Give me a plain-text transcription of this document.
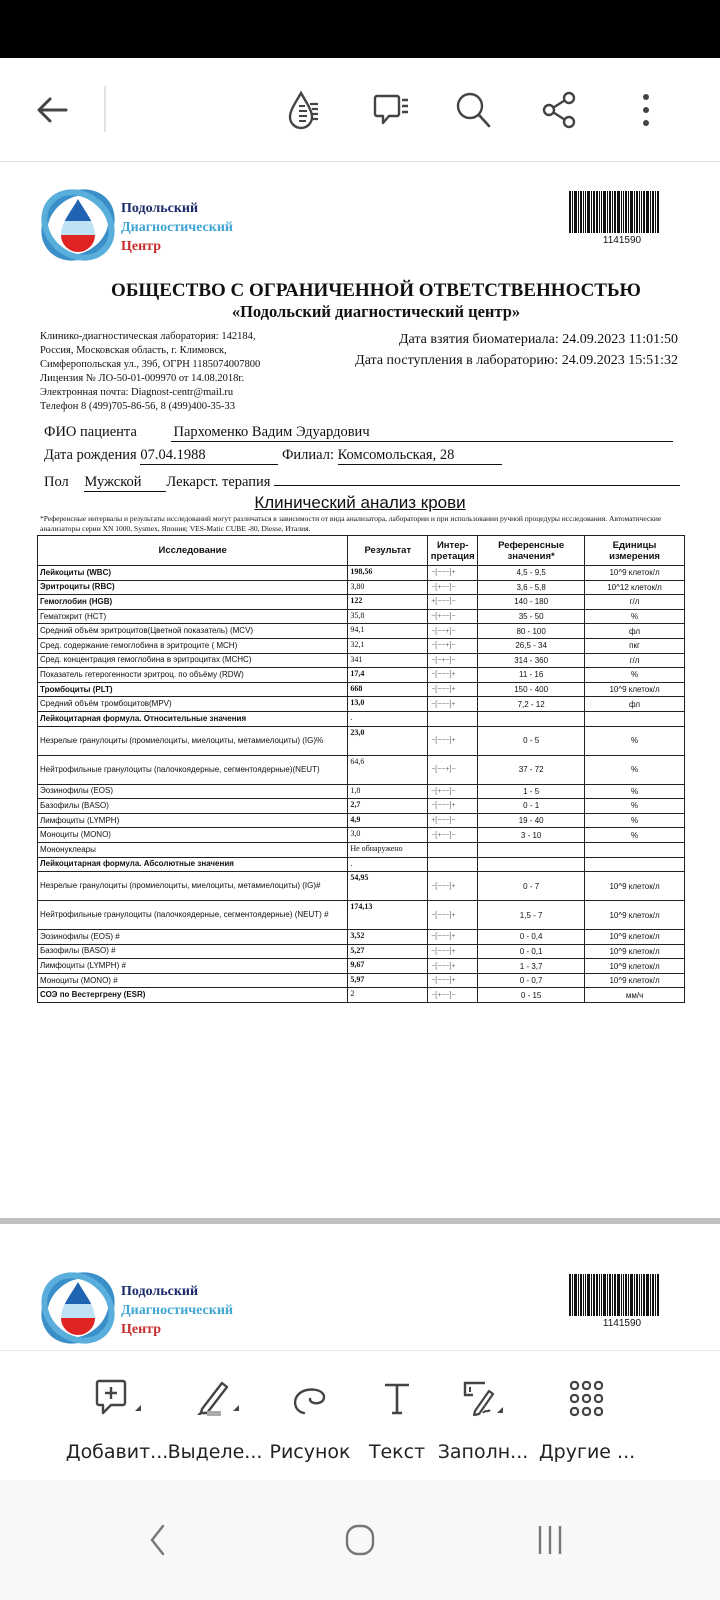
Подольский
Диагностический
Центр	1141590
ОБЩЕСТВО С ОГРАНИЧЕННОЙ ОТВЕТСТВЕННОСТЬЮ
«Подольский диагностический центр»
Клинико-диагностическая лаборатория: 142184,
Россия, Московская область, г. Климовск,
Симферопольская ул., 39б, ОГРН 1185074007800
Лицензия № ЛО-50-01-009970 от 14.08.2018г.
Электронная почта: Diagnost-centr@mail.ru
Телефон 8 (499)705-86-56, 8 (499)400-35-33
Дата взятия биоматериала: 24.09.2023 11:01:50
Дата поступления в лабораторию: 24.09.2023 15:51:32
ФИО пациента	Пархоменко Вадим Эдуардович
Дата рождения 07.04.1988	Филиал: Комсомольская, 28
Пол Мужской Лекарст. терапия
Клинический анализ крови
*Референсные интервалы и результаты исследований могут различаться в зависимости от вида анализатора, лаборатории и при использовании ручной процедуры исследования. Автоматические анализаторы серии XN 1000, Sysmex, Япония; VES-Matic CUBE -80, Diesse, Италия.
Исследование	Результат	Интер-претация	Референсные значения*	Единицы измерения
Лейкоциты (WBC)	198,56	−[−−−]+	4,5 - 9,5	10^9 клеток/л
Эритроциты (RBC)	3,80	−[+−−]−	3,6 - 5,8	10^12 клеток/л
Гемоглобин (HGB)	122	+[−−−]−	140 - 180	г/л
Гематокрит (HCT)	35,8	−[+−−]−	35 - 50	%
Средний объём эритроцитов(Цветной показатель) (MCV)	94,1	−[−−+]−	80 - 100	фл
Сред. содержание гемоглобина в эритроците ( MCH)	32,1	−[−−+]−	26,5 - 34	пкг
Сред. концентрация гемоглобина в эритроцитах (MCHC)	341	−[−+−]−	314 - 360	г/л
Показатель гетерогенности эритроц. по объёму (RDW)	17,4	−[−−−]+	11 - 16	%
Тромбоциты (PLT)	668	−[−−−]+	150 - 400	10^9 клеток/л
Средний объём тромбоцитов(MPV)	13,0	−[−−−]+	7,2 - 12	фл
Лейкоцитарная формула. Относительные значения	.			
Незрелые гранулоциты (промиелоциты, миелоциты, метамиелоциты) (IG)%	23,0	−[−−−]+	0 - 5	%
Нейтрофильные гранулоциты (палочкоядерные, сегментоядерные)(NEUT)	64,6	−[−−+]−	37 - 72	%
Эозинофилы (EOS)	1,8	−[+−−]−	1 - 5	%
Базофилы (BASO)	2,7	−[−−−]+	0 - 1	%
Лимфоциты (LYMPH)	4,9	+[−−−]−	19 - 40	%
Моноциты (MONO)	3,0	−[+−−]−	3 - 10	%
Мононуклеары	Не обнаружено			
Лейкоцитарная формула. Абсолютные значения	.			
Незрелые гранулоциты (промиелоциты, миелоциты, метамиелоциты) (IG)#	54,95	−[−−−]+	0 - 7	10^9 клеток/л
Нейтрофильные гранулоциты (палочкоядерные, сегментоядерные) (NEUT) #	174,13	−[−−−]+	1,5 - 7	10^9 клеток/л
Эозинофилы (EOS) #	3,52	−[−−−]+	0 - 0,4	10^9 клеток/л
Базофилы (BASO) #	5,27	−[−−−]+	0 - 0,1	10^9 клеток/л
Лимфоциты (LYMPH) #	9,67	−[−−−]+	1 - 3,7	10^9 клеток/л
Моноциты (MONO) #	5,97	−[−−−]+	0 - 0,7	10^9 клеток/л
СОЭ по Вестергрену (ESR)	2	−[+−−]−	0 - 15	мм/ч
Подольский
Диагностический
Центр	1141590
Добавит... Выделе... Рисунок Текст Заполн... Другие ...
